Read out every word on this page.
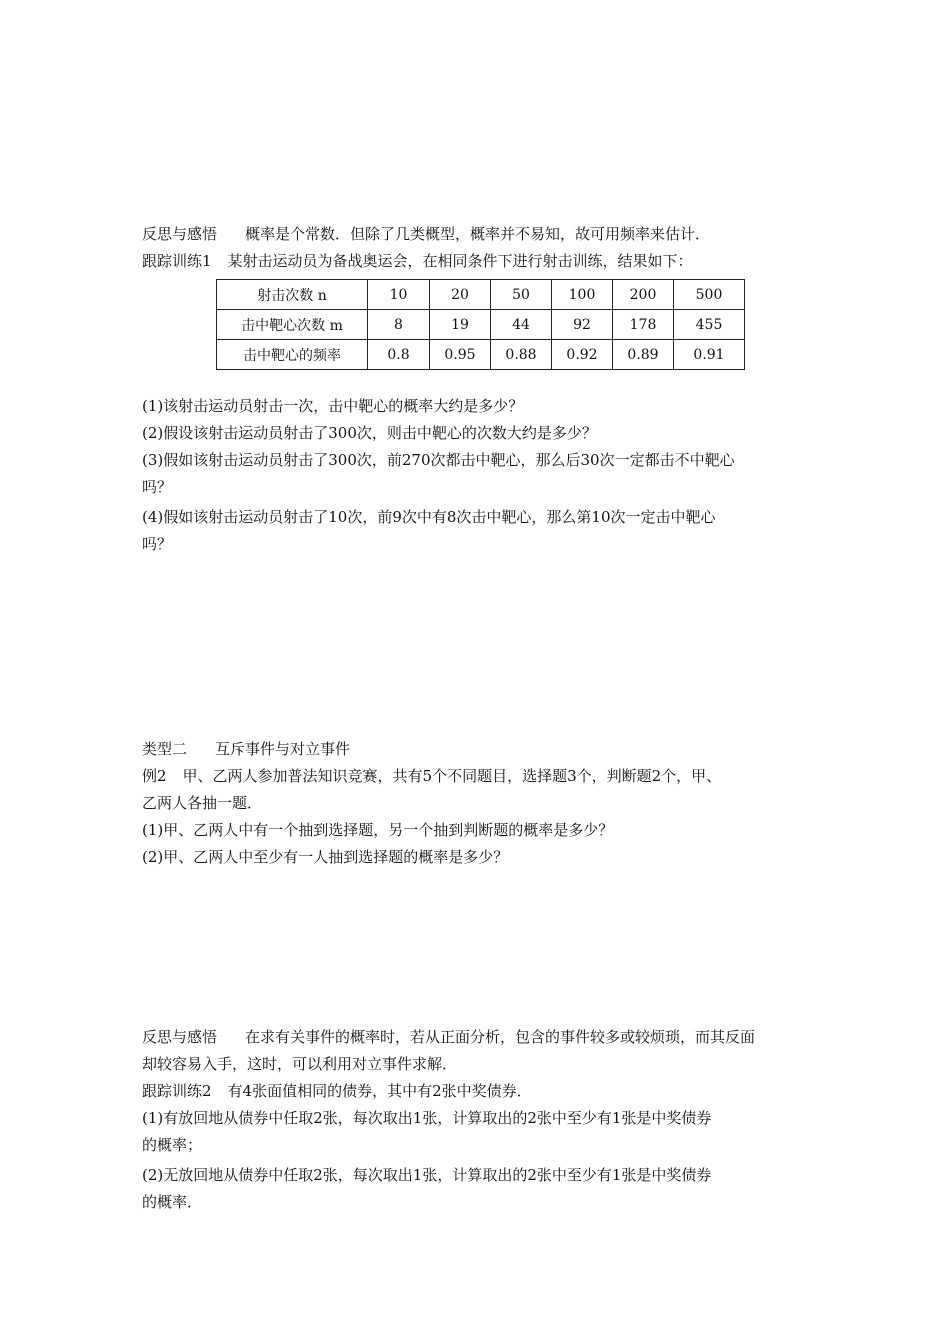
反思与感悟 概率是个常数．但除了几类概型，概率并不易知，故可用频率来估计．
跟踪训练1 某射击运动员为备战奥运会，在相同条件下进行射击训练，结果如下：
射击次数 n	10	20	50	100	200	500
击中靶心次数 m	8	19	44	92	178	455
击中靶心的频率	0.8	0.95	0.88	0.92	0.89	0.91
(1)该射击运动员射击一次，击中靶心的概率大约是多少？
(2)假设该射击运动员射击了300次，则击中靶心的次数大约是多少？
(3)假如该射击运动员射击了300次，前270次都击中靶心，那么后30次一定都击不中靶心
吗？
(4)假如该射击运动员射击了10次，前9次中有8次击中靶心，那么第10次一定击中靶心
吗？
类型二 互斥事件与对立事件
例2 甲、乙两人参加普法知识竞赛，共有5个不同题目，选择题3个，判断题2个，甲、
乙两人各抽一题．
(1)甲、乙两人中有一个抽到选择题，另一个抽到判断题的概率是多少？
(2)甲、乙两人中至少有一人抽到选择题的概率是多少？
反思与感悟 在求有关事件的概率时，若从正面分析，包含的事件较多或较烦琐，而其反面
却较容易入手，这时，可以利用对立事件求解．
跟踪训练2 有4张面值相同的债券，其中有2张中奖债券．
(1)有放回地从债券中任取2张，每次取出1张，计算取出的2张中至少有1张是中奖债券
的概率；
(2)无放回地从债券中任取2张，每次取出1张，计算取出的2张中至少有1张是中奖债券
的概率．
